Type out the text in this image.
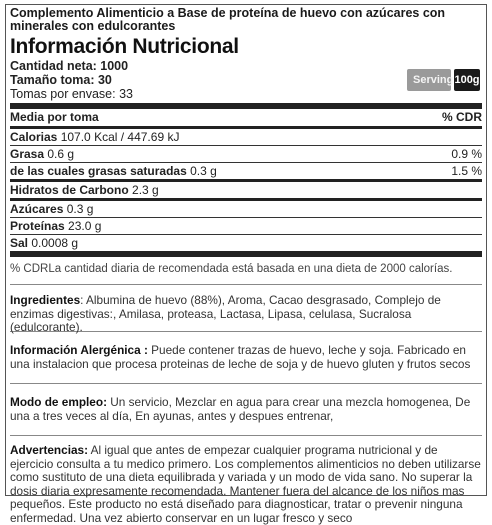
Complemento Alimenticio a Base de proteína de huevo con azúcares con minerales con edulcorantes
Información Nutricional
Cantidad neta: 1000
Tamaño toma: 30
Tomas por envase: 33
Serving 100g
Media por toma	% CDR
Calorias 107.0 Kcal / 447.69 kJ
Grasa 0.6 g	0.9 %
de las cuales grasas saturadas 0.3 g	1.5 %
Hidratos de Carbono 2.3 g
Azúcares 0.3 g
Proteínas 23.0 g
Sal 0.0008 g
% CDRLa cantidad diaria de recomendada está basada en una dieta de 2000 calorías.
Ingredientes: Albumina de huevo (88%), Aroma, Cacao desgrasado, Complejo de enzimas digestivas:, Amilasa, proteasa, Lactasa, Lipasa, celulasa, Sucralosa (edulcorante).
Información Alergénica : Puede contener trazas de huevo, leche y soja. Fabricado en una instalacion que procesa proteinas de leche de soja y de huevo gluten y frutos secos
Modo de empleo: Un servicio, Mezclar en agua para crear una mezcla homogenea, De una a tres veces al día, En ayunas, antes y despues entrenar,
Advertencias: Al igual que antes de empezar cualquier programa nutricional y de ejercicio consulta a tu medico primero. Los complementos alimenticios no deben utilizarse como sustituto de una dieta equilibrada y variada y un modo de vida sano. No superar la dosis diaria expresamente recomendada. Mantener fuera del alcance de los niños mas pequeños. Este producto no está diseñado para diagnosticar, tratar o prevenir ninguna enfermedad. Una vez abierto conservar en un lugar fresco y seco
